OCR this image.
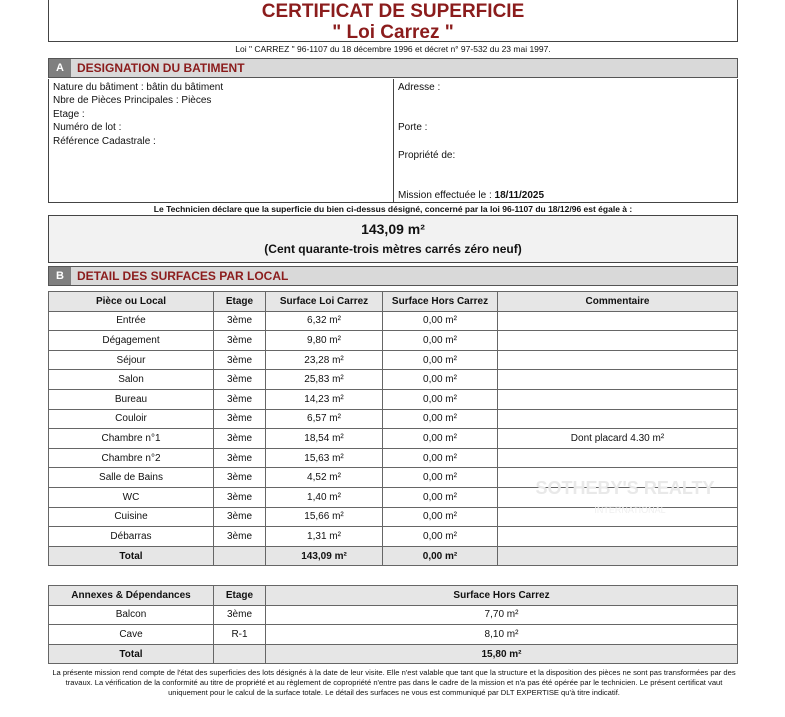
CERTIFICAT DE SUPERFICIE
" Loi Carrez "
Loi " CARREZ " 96-1107 du 18 décembre 1996 et décret n° 97-532 du 23 mai 1997.
A	DESIGNATION DU BATIMENT
Nature du bâtiment : bâtin du bâtiment
Nbre de Pièces Principales : Pièces
Etage :
Numéro de lot :
Référence Cadastrale :
Adresse :
Porte :
Propriété de:
Mission effectuée le : 18/11/2025
Le Technicien déclare que la superficie du bien ci-dessus désigné, concerné par la loi 96-1107 du 18/12/96 est égale à :
143,09 m²
(Cent quarante-trois mètres carrés zéro neuf)
B	DETAIL DES SURFACES PAR LOCAL
Pièce ou Local	Etage	Surface Loi Carrez	Surface Hors Carrez	Commentaire
Entrée	3ème	6,32 m²	0,00 m²	
Dégagement	3ème	9,80 m²	0,00 m²	
Séjour	3ème	23,28 m²	0,00 m²	
Salon	3ème	25,83 m²	0,00 m²	
Bureau	3ème	14,23 m²	0,00 m²	
Couloir	3ème	6,57 m²	0,00 m²	
Chambre n°1	3ème	18,54 m²	0,00 m²	Dont placard 4.30 m²
Chambre n°2	3ème	15,63 m²	0,00 m²	
Salle de Bains	3ème	4,52 m²	0,00 m²	
WC	3ème	1,40 m²	0,00 m²	
Cuisine	3ème	15,66 m²	0,00 m²	
Débarras	3ème	1,31 m²	0,00 m²	
Total		143,09 m²	0,00 m²	
Annexes & Dépendances	Etage	Surface Hors Carrez
Balcon	3ème	7,70 m²
Cave	R-1	8,10 m²
Total		15,80 m²
SOTHEBY'S REALTY
INTERNATIONAL
La présente mission rend compte de l'état des superficies des lots désignés à la date de leur visite. Elle n'est valable que tant que la structure et la disposition des pièces ne sont pas transformées par des travaux. La vérification de la conformité au titre de propriété et au règlement de copropriété n'entre pas dans le cadre de la mission et n'a pas été opérée par le technicien. Le présent certificat vaut uniquement pour le calcul de la surface totale. Le détail des surfaces ne vous est communiqué par DLT EXPERTISE qu'à titre indicatif.
